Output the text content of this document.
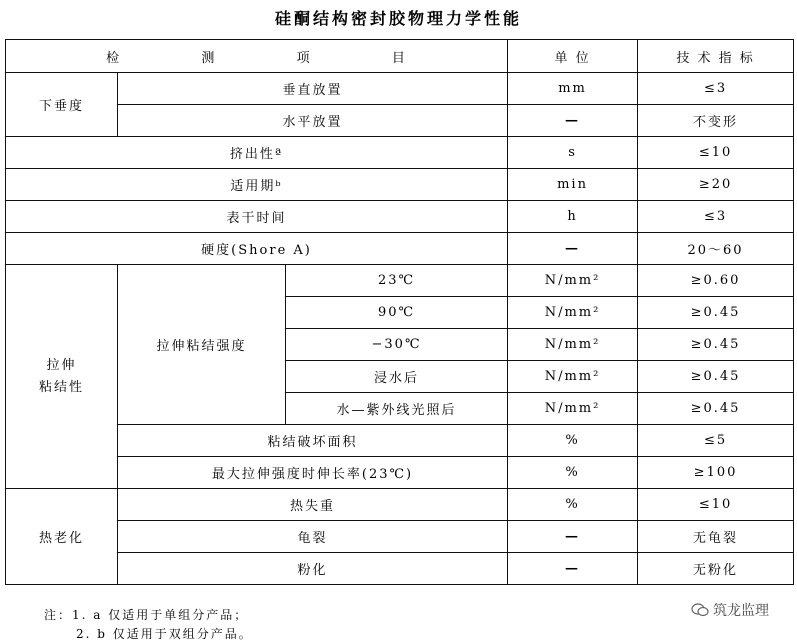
硅酮结构密封胶物理力学性能
检 测 项 目			单 位	技 术 指 标
下垂度	垂直放置		mm	≤3
	水平放置		—	不变形
挤出性ª			s	≤10
适用期ᵇ			min	≥20
表干时间			h	≤3
硬度(Shore A)			—	20～60
拉伸
粘结性	拉伸粘结强度	23℃	N/mm²	≥0.60
		90℃	N/mm²	≥0.45
		−30℃	N/mm²	≥0.45
		浸水后	N/mm²	≥0.45
		水—紫外线光照后	N/mm²	≥0.45
	粘结破坏面积		%	≤5
	最大拉伸强度时伸长率(23℃)		%	≥100
热老化	热失重		%	≤10
	龟裂		—	无龟裂
	粉化		—	无粉化
注：1. a 仅适用于单组分产品；
2. b 仅适用于双组分产品。
筑龙监理
